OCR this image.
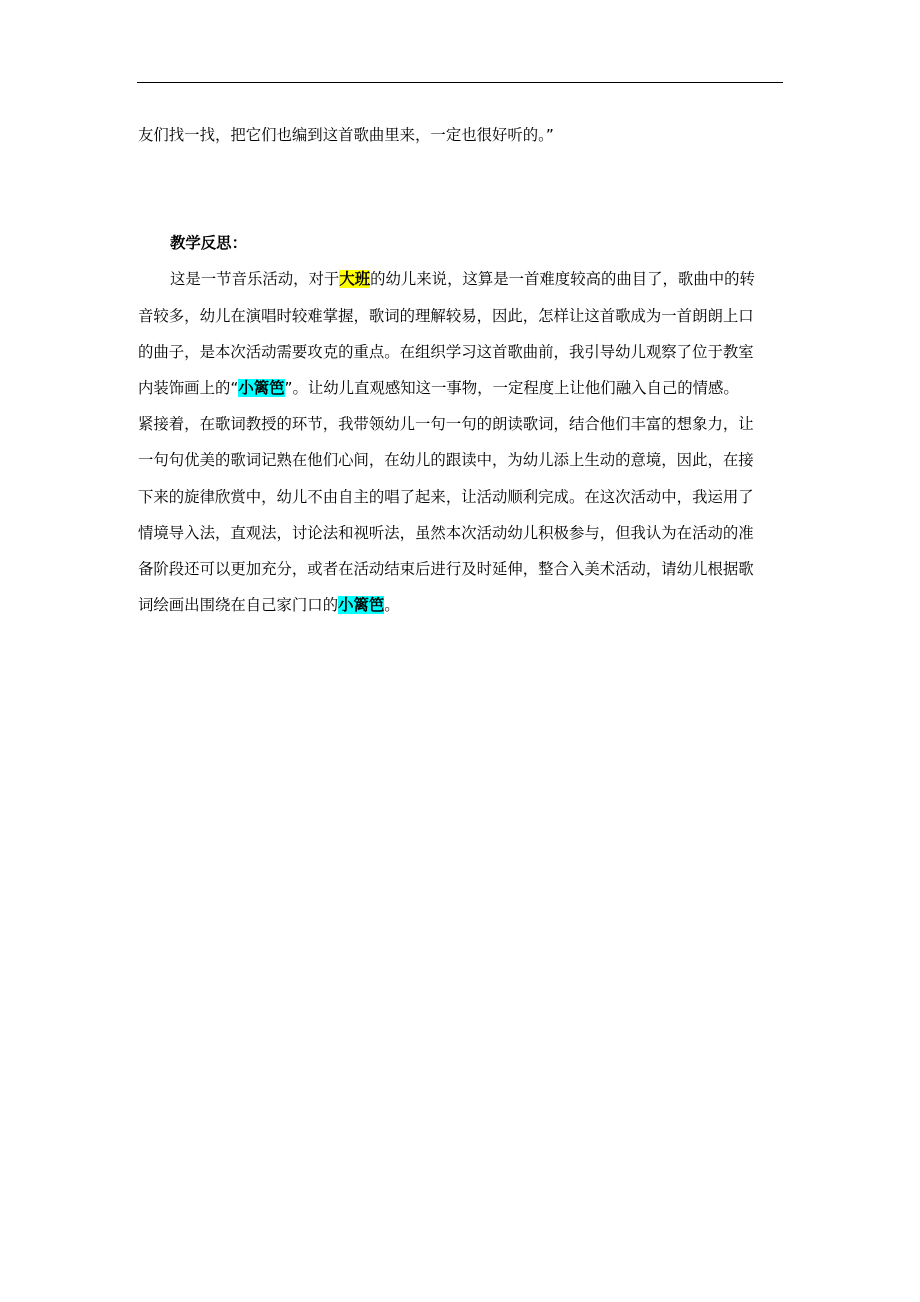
友们找一找，把它们也编到这首歌曲里来，一定也很好听的。”
教学反思：
这是一节音乐活动，对于大班的幼儿来说，这算是一首难度较高的曲目了，歌曲中的转
音较多，幼儿在演唱时较难掌握，歌词的理解较易，因此，怎样让这首歌成为一首朗朗上口
的曲子，是本次活动需要攻克的重点。在组织学习这首歌曲前，我引导幼儿观察了位于教室
内装饰画上的“小篱笆”。让幼儿直观感知这一事物，一定程度上让他们融入自己的情感。
紧接着，在歌词教授的环节，我带领幼儿一句一句的朗读歌词，结合他们丰富的想象力，让
一句句优美的歌词记熟在他们心间，在幼儿的跟读中，为幼儿添上生动的意境，因此，在接
下来的旋律欣赏中，幼儿不由自主的唱了起来，让活动顺利完成。在这次活动中，我运用了
情境导入法，直观法，讨论法和视听法，虽然本次活动幼儿积极参与，但我认为在活动的准
备阶段还可以更加充分，或者在活动结束后进行及时延伸，整合入美术活动，请幼儿根据歌
词绘画出围绕在自己家门口的小篱笆。
